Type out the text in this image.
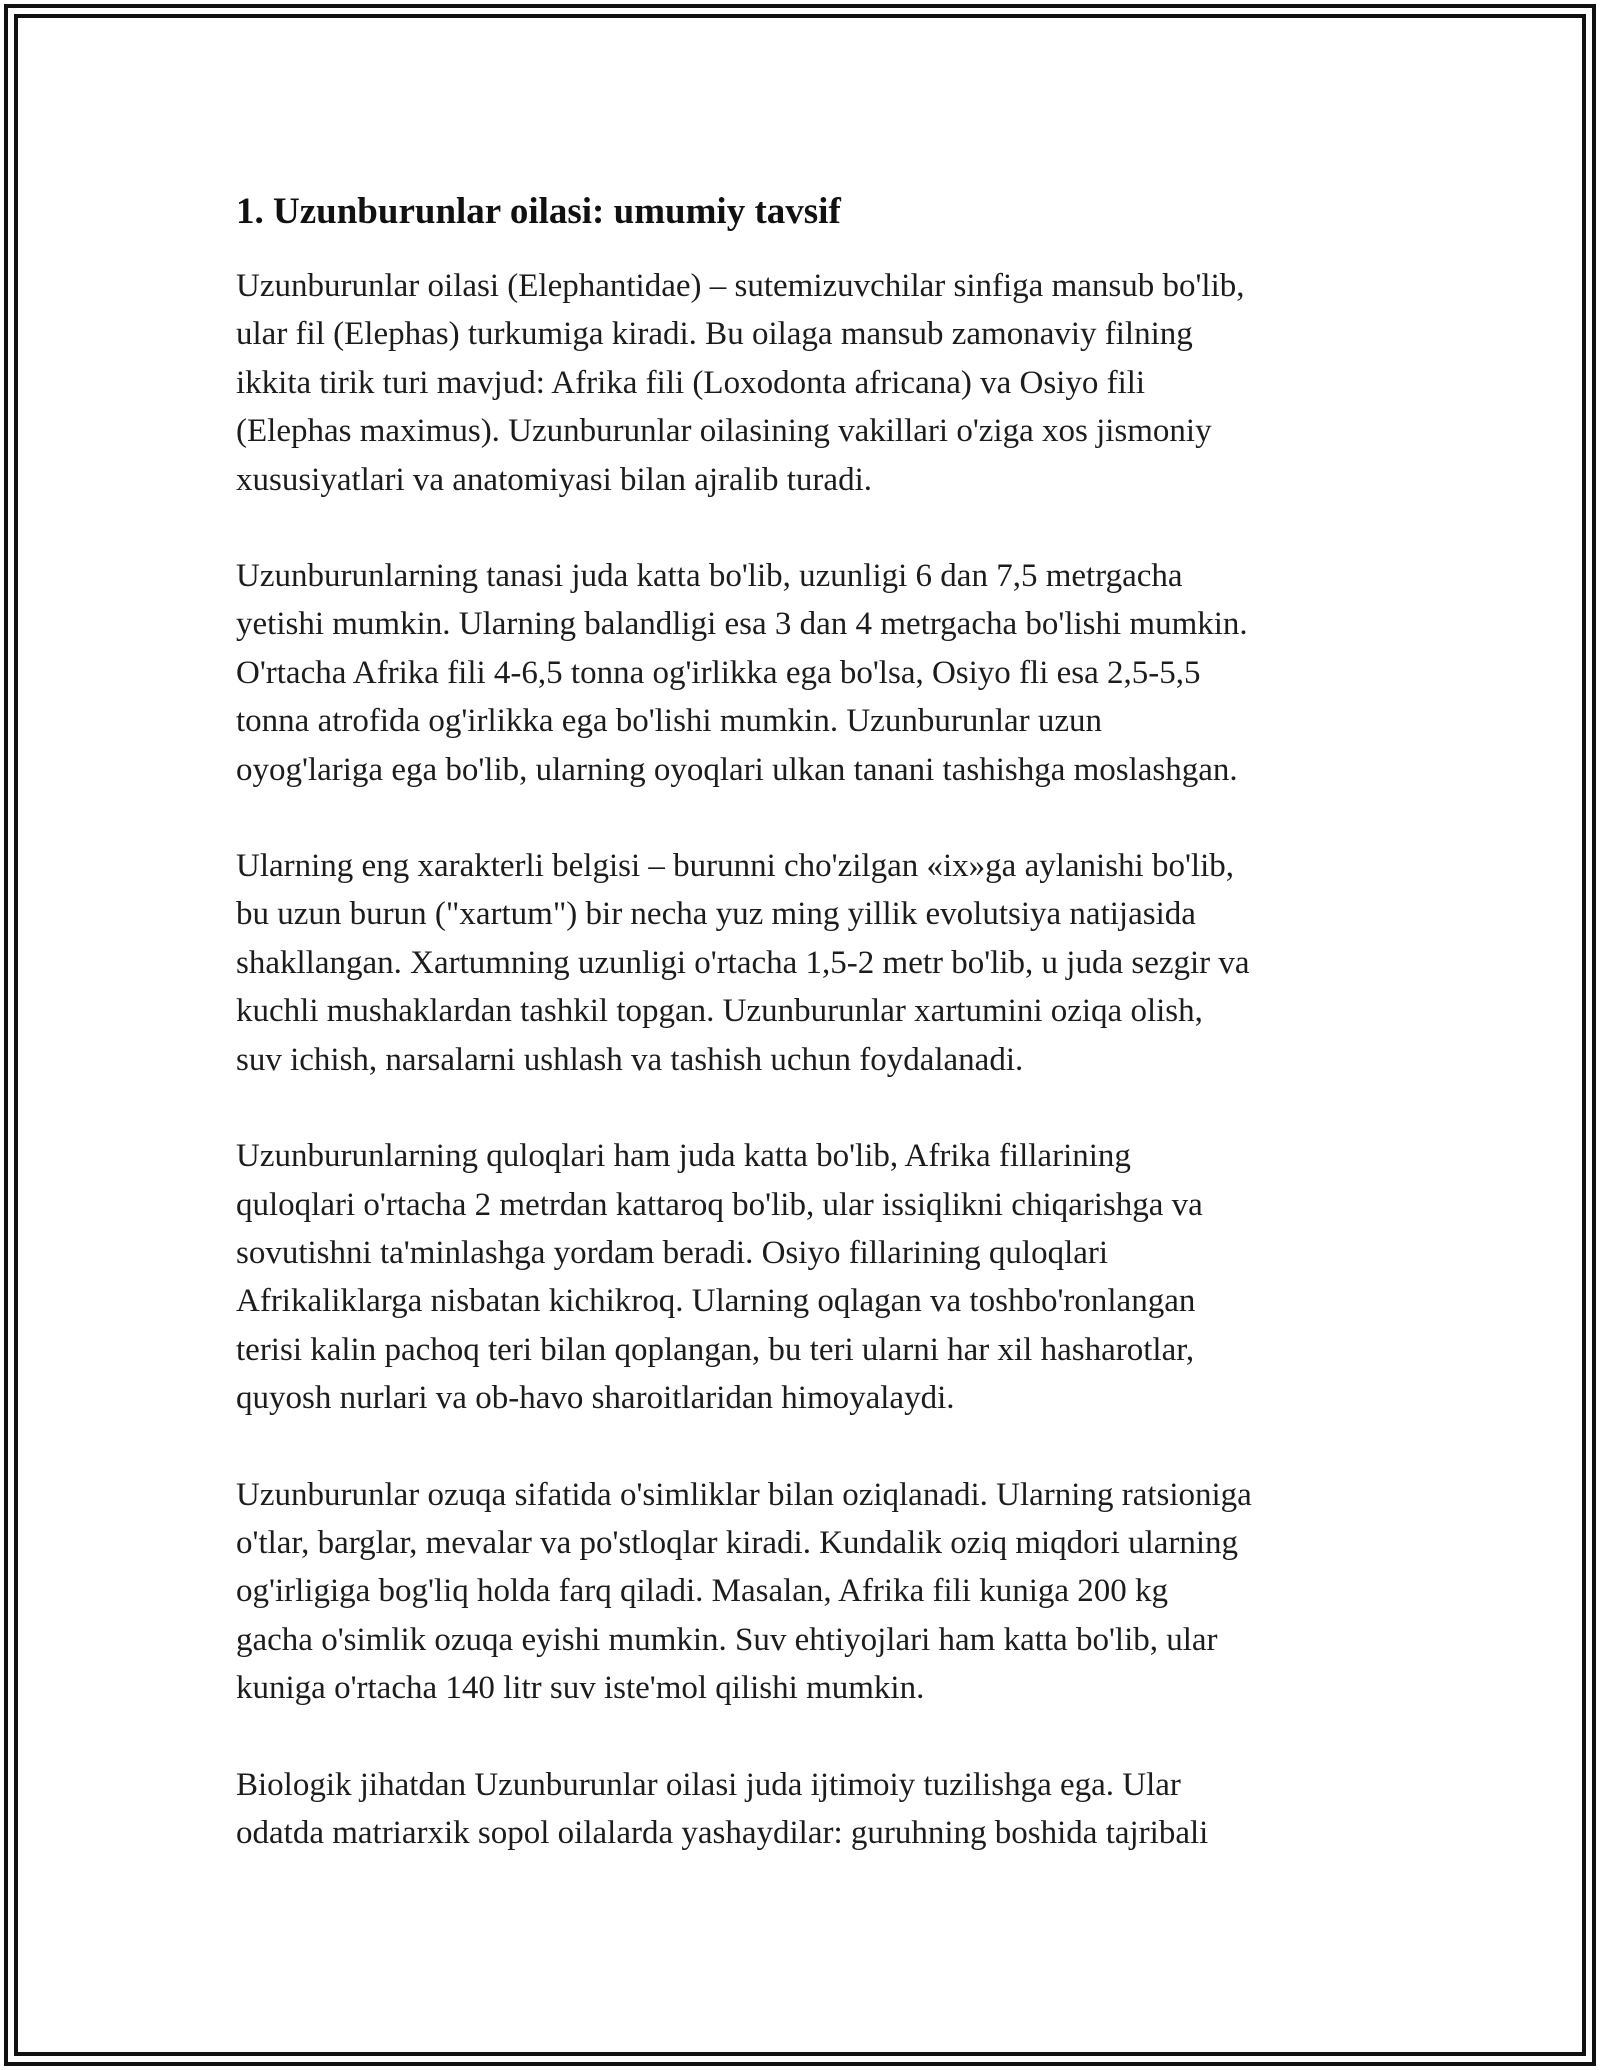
1. Uzunburunlar oilasi: umumiy tavsif

Uzunburunlar oilasi (Elephantidae) – sutemizuvchilar sinfiga mansub bo'lib,
ular fil (Elephas) turkumiga kiradi. Bu oilaga mansub zamonaviy filning
ikkita tirik turi mavjud: Afrika fili (Loxodonta africana) va Osiyo fili
(Elephas maximus). Uzunburunlar oilasining vakillari o'ziga xos jismoniy
xususiyatlari va anatomiyasi bilan ajralib turadi.

Uzunburunlarning tanasi juda katta bo'lib, uzunligi 6 dan 7,5 metrgacha
yetishi mumkin. Ularning balandligi esa 3 dan 4 metrgacha bo'lishi mumkin.
O'rtacha Afrika fili 4-6,5 tonna og'irlikka ega bo'lsa, Osiyo fli esa 2,5-5,5
tonna atrofida og'irlikka ega bo'lishi mumkin. Uzunburunlar uzun
oyog'lariga ega bo'lib, ularning oyoqlari ulkan tanani tashishga moslashgan.

Ularning eng xarakterli belgisi – burunni cho'zilgan «ix»ga aylanishi bo'lib,
bu uzun burun ("xartum") bir necha yuz ming yillik evolutsiya natijasida
shakllangan. Xartumning uzunligi o'rtacha 1,5-2 metr bo'lib, u juda sezgir va
kuchli mushaklardan tashkil topgan. Uzunburunlar xartumini oziqa olish,
suv ichish, narsalarni ushlash va tashish uchun foydalanadi.

Uzunburunlarning quloqlari ham juda katta bo'lib, Afrika fillarining
quloqlari o'rtacha 2 metrdan kattaroq bo'lib, ular issiqlikni chiqarishga va
sovutishni ta'minlashga yordam beradi. Osiyo fillarining quloqlari
Afrikaliklarga nisbatan kichikroq. Ularning oqlagan va toshbo'ronlangan
terisi kalin pachoq teri bilan qoplangan, bu teri ularni har xil hasharotlar,
quyosh nurlari va ob-havo sharoitlaridan himoyalaydi.

Uzunburunlar ozuqa sifatida o'simliklar bilan oziqlanadi. Ularning ratsioniga
o'tlar, barglar, mevalar va po'stloqlar kiradi. Kundalik oziq miqdori ularning
og'irligiga bog'liq holda farq qiladi. Masalan, Afrika fili kuniga 200 kg
gacha o'simlik ozuqa eyishi mumkin. Suv ehtiyojlari ham katta bo'lib, ular
kuniga o'rtacha 140 litr suv iste'mol qilishi mumkin.

Biologik jihatdan Uzunburunlar oilasi juda ijtimoiy tuzilishga ega. Ular
odatda matriarxik sopol oilalarda yashaydilar: guruhning boshida tajribali
